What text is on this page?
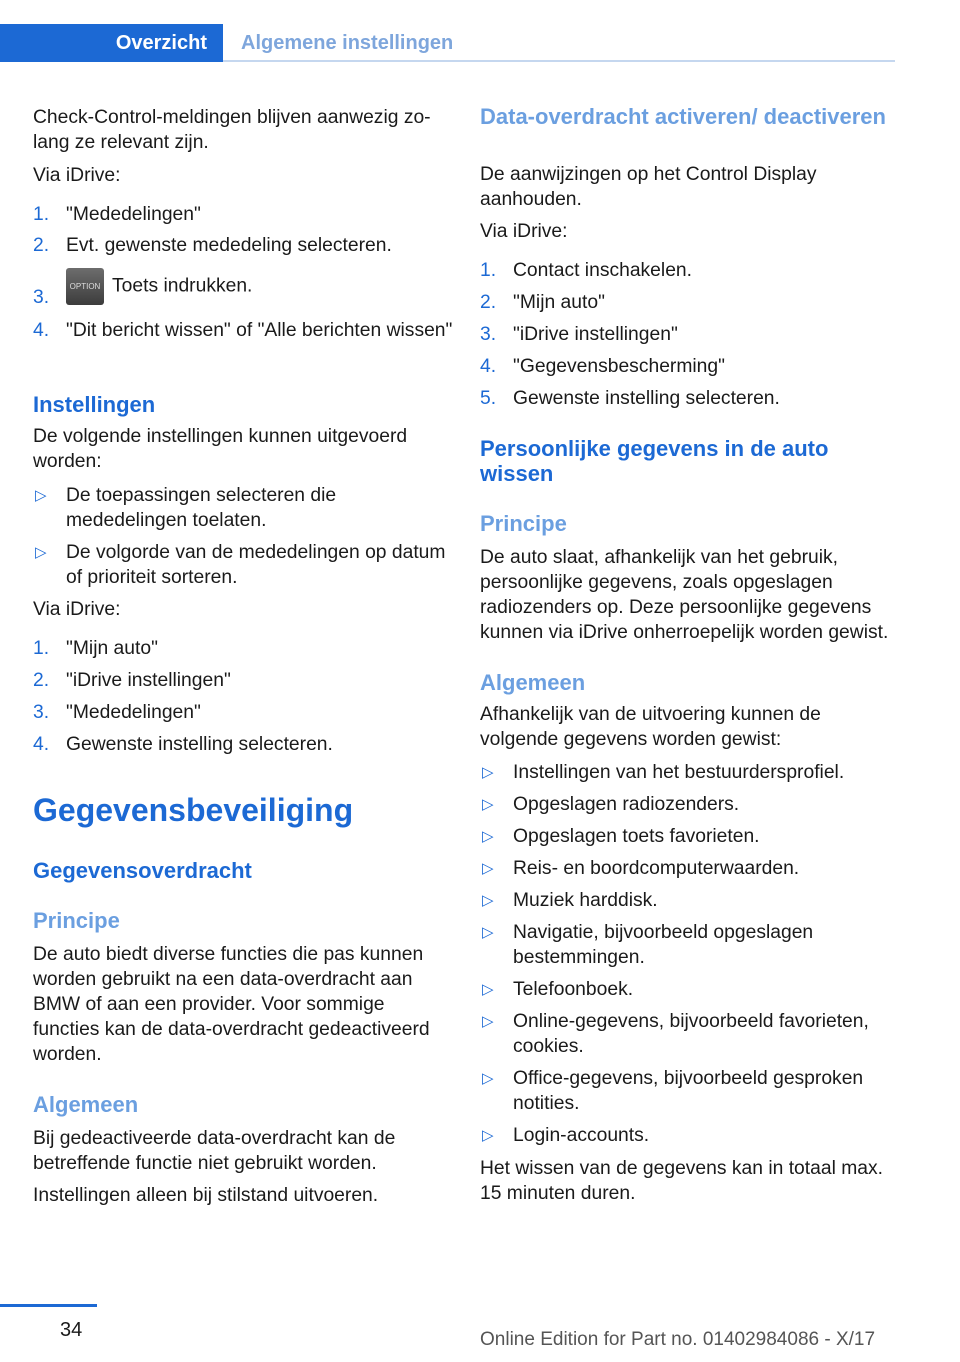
Overzicht	Algemene instellingen
Check-Control-meldingen blijven aanwezig zo-lang ze relevant zijn.
Via iDrive:
1. "Mededelingen"
2. Evt. gewenste mededeling selecteren.
3.
OPTION Toets indrukken.
4. "Dit bericht wissen" of "Alle berichten wissen"
Instellingen
De volgende instellingen kunnen uitgevoerd worden:
▷ De toepassingen selecteren die mededelingen toelaten.
▷ De volgorde van de mededelingen op datum of prioriteit sorteren.
Via iDrive:
1. "Mijn auto"
2. "iDrive instellingen"
3. "Mededelingen"
4. Gewenste instelling selecteren.
Gegevensbeveiliging
Gegevensoverdracht
Principe
De auto biedt diverse functies die pas kunnen worden gebruikt na een data-overdracht aan BMW of aan een provider. Voor sommige functies kan de data-overdracht gedeactiveerd worden.
Algemeen
Bij gedeactiveerde data-overdracht kan de betreffende functie niet gebruikt worden.
Instellingen alleen bij stilstand uitvoeren.
Data-overdracht activeren/ deactiveren
De aanwijzingen op het Control Display aanhouden.
Via iDrive:
1. Contact inschakelen.
2. "Mijn auto"
3. "iDrive instellingen"
4. "Gegevensbescherming"
5. Gewenste instelling selecteren.
Persoonlijke gegevens in de auto wissen
Principe
De auto slaat, afhankelijk van het gebruik, persoonlijke gegevens, zoals opgeslagen radiozenders op. Deze persoonlijke gegevens kunnen via iDrive onherroepelijk worden gewist.
Algemeen
Afhankelijk van de uitvoering kunnen de volgende gegevens worden gewist:
▷ Instellingen van het bestuurdersprofiel.
▷ Opgeslagen radiozenders.
▷ Opgeslagen toets favorieten.
▷ Reis- en boordcomputerwaarden.
▷ Muziek harddisk.
▷ Navigatie, bijvoorbeeld opgeslagen bestemmingen.
▷ Telefoonboek.
▷ Online-gegevens, bijvoorbeeld favorieten, cookies.
▷ Office-gegevens, bijvoorbeeld gesproken notities.
▷ Login-accounts.
Het wissen van de gegevens kan in totaal max. 15 minuten duren.
34	Online Edition for Part no. 01402984086 - X/17
